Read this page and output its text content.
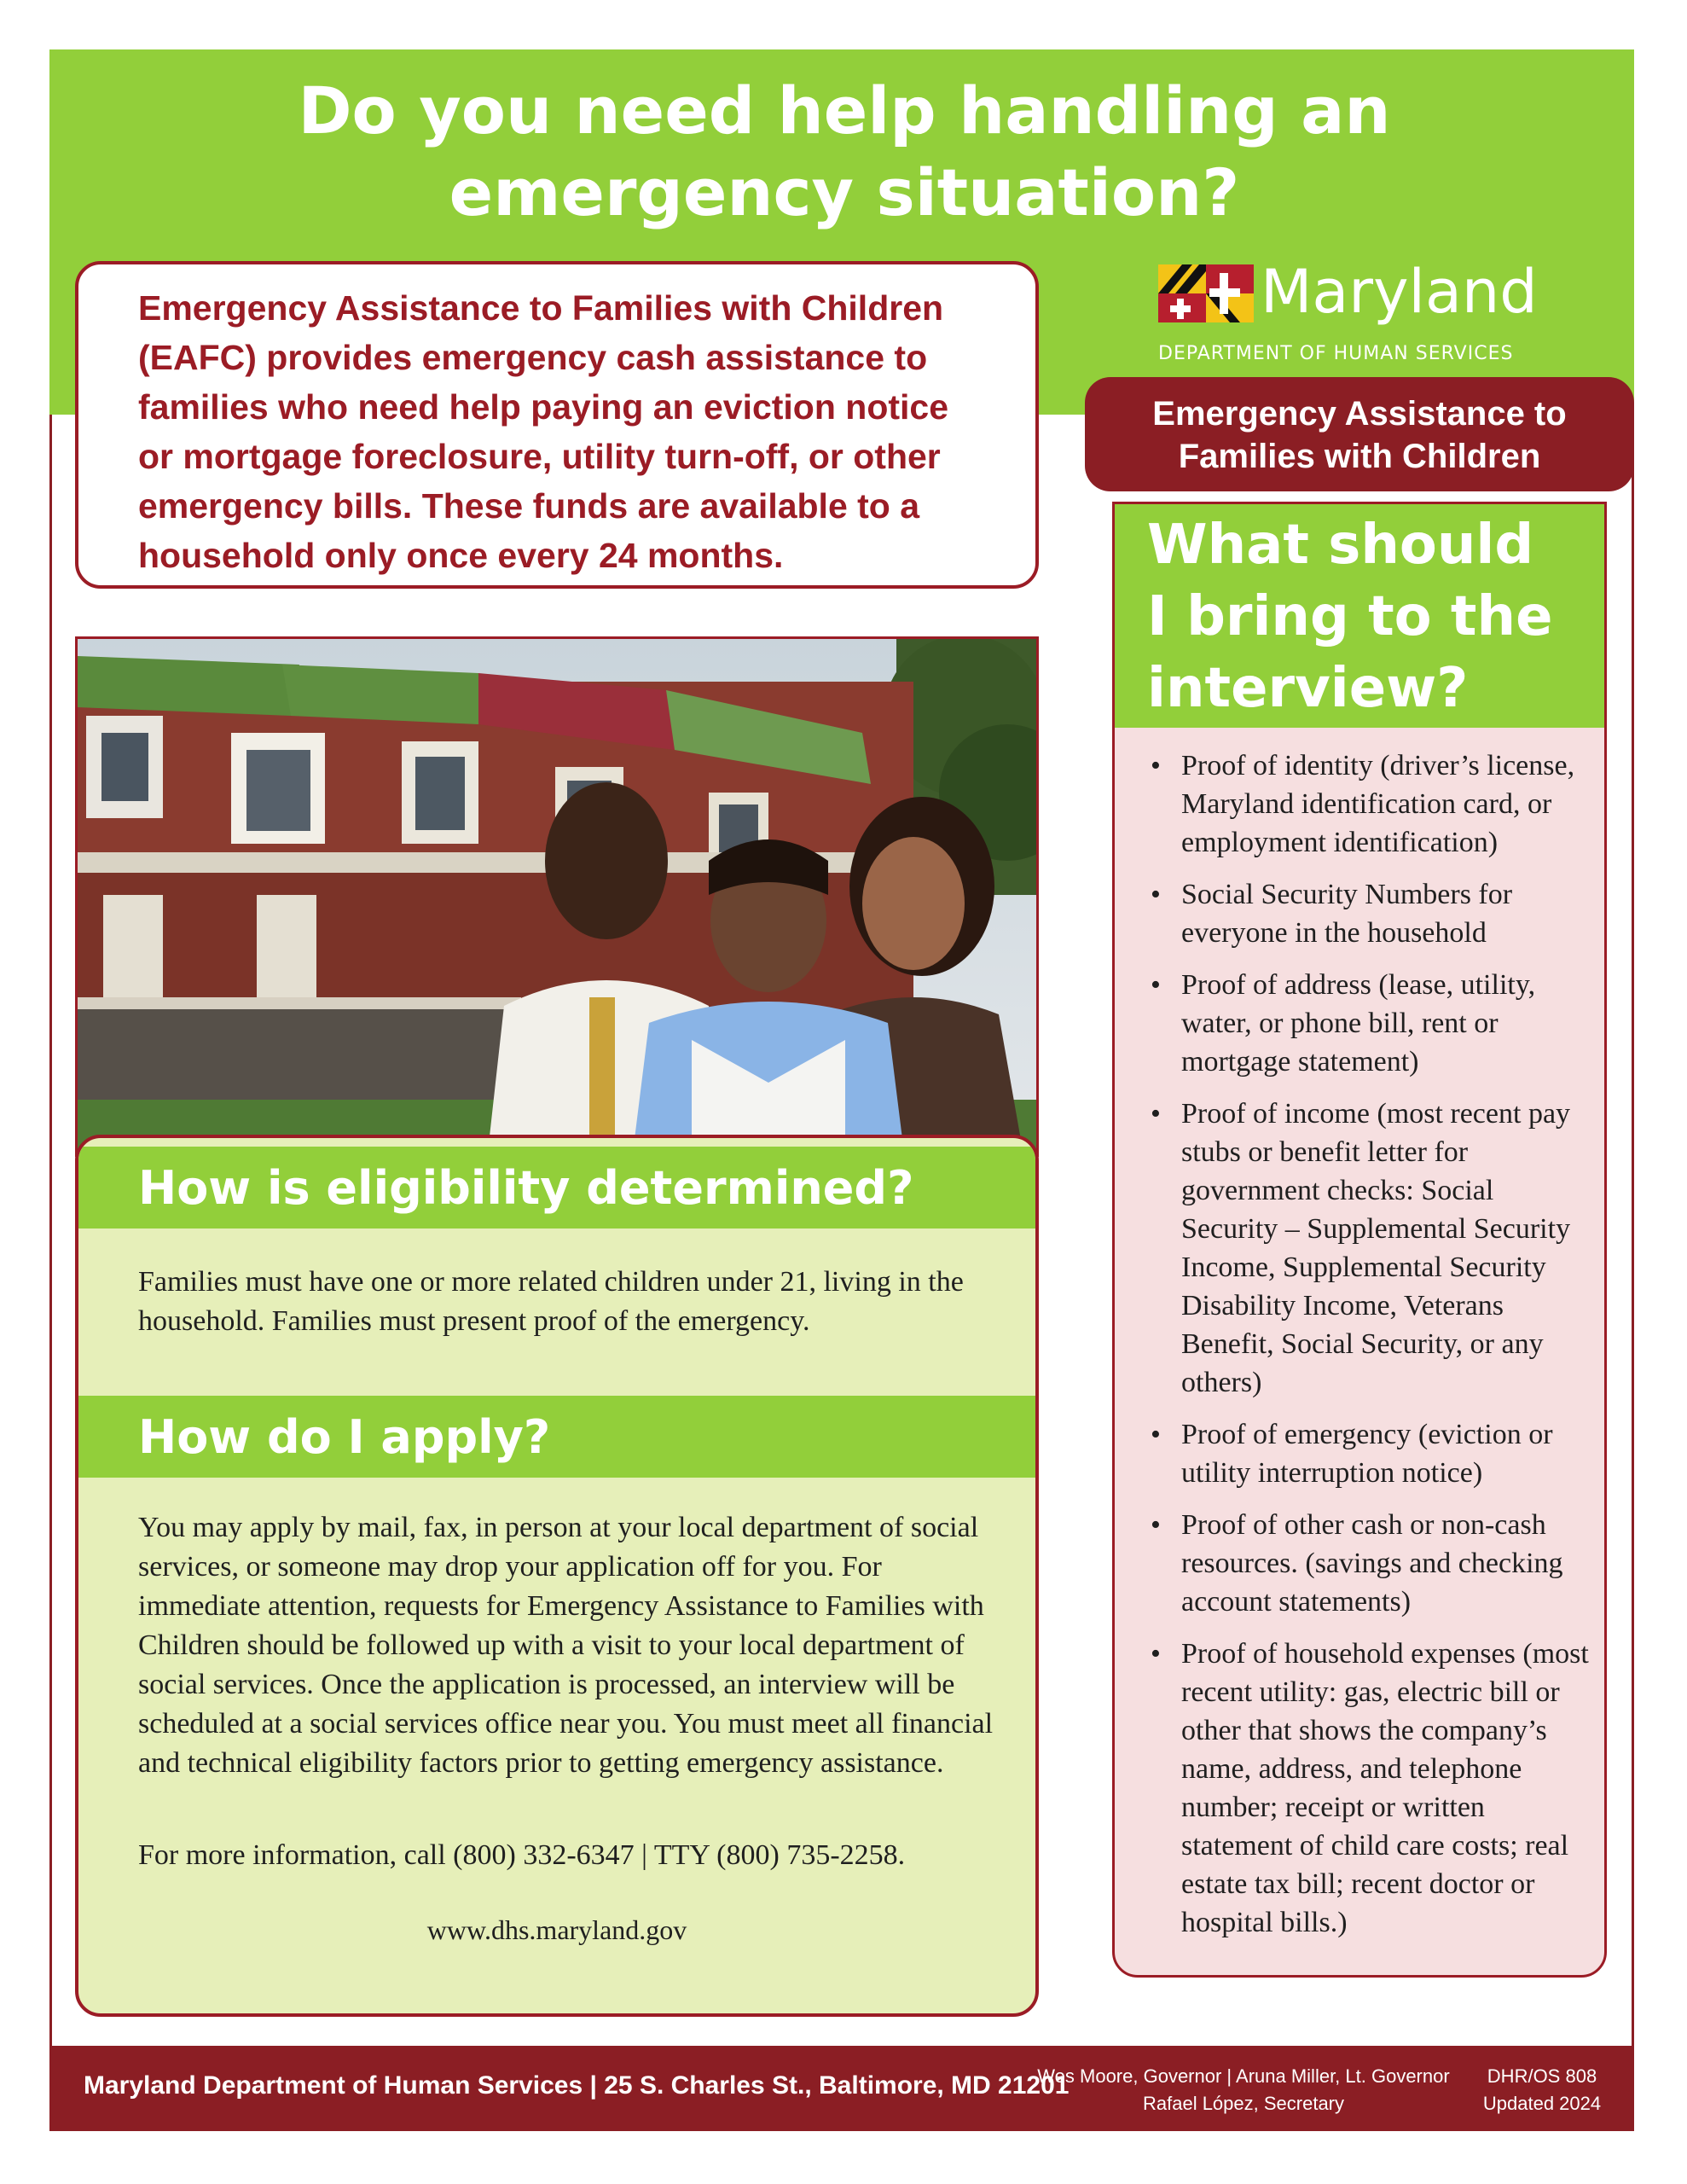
Do you need help handling an
emergency situation?

Emergency Assistance to Families with Children (EAFC) provides emergency cash assistance to families who need help paying an eviction notice or mortgage foreclosure, utility turn-off, or other emergency bills. These funds are available to a household only once every 24 months.

Maryland
DEPARTMENT OF HUMAN SERVICES
Emergency Assistance to
Families with Children
What should
I bring to the
interview?
• Proof of identity (driver’s license, Maryland identification card, or employment identification)
• Social Security Numbers for everyone in the household
• Proof of address (lease, utility, water, or phone bill, rent or mortgage statement)
• Proof of income (most recent pay stubs or benefit letter for government checks: Social Security – Supplemental Security Income, Supplemental Security Disability Income, Veterans Benefit, Social Security, or any others)
• Proof of emergency (eviction or utility interruption notice)
• Proof of other cash or non-cash resources. (savings and checking account statements)
• Proof of household expenses (most recent utility: gas, electric bill or other that shows the company’s name, address, and telephone number; receipt or written statement of child care costs; real estate tax bill; recent doctor or hospital bills.)
How is eligibility determined?

Families must have one or more related children under 21, living in the household. Families must present proof of the emergency.

How do I apply?

You may apply by mail, fax, in person at your local department of social services, or someone may drop your application off for you. For immediate attention, requests for Emergency Assistance to Families with Children should be followed up with a visit to your local department of social services. Once the application is processed, an interview will be scheduled at a social services office near you. You must meet all financial and technical eligibility factors prior to getting emergency assistance.

For more information, call (800) 332-6347 | TTY (800) 735-2258.

www.dhs.maryland.gov

Maryland Department of Human Services | 25 S. Charles St., Baltimore, MD 21201
Wes Moore, Governor | Aruna Miller, Lt. Governor
Rafael López, Secretary
DHR/OS 808
Updated 2024
